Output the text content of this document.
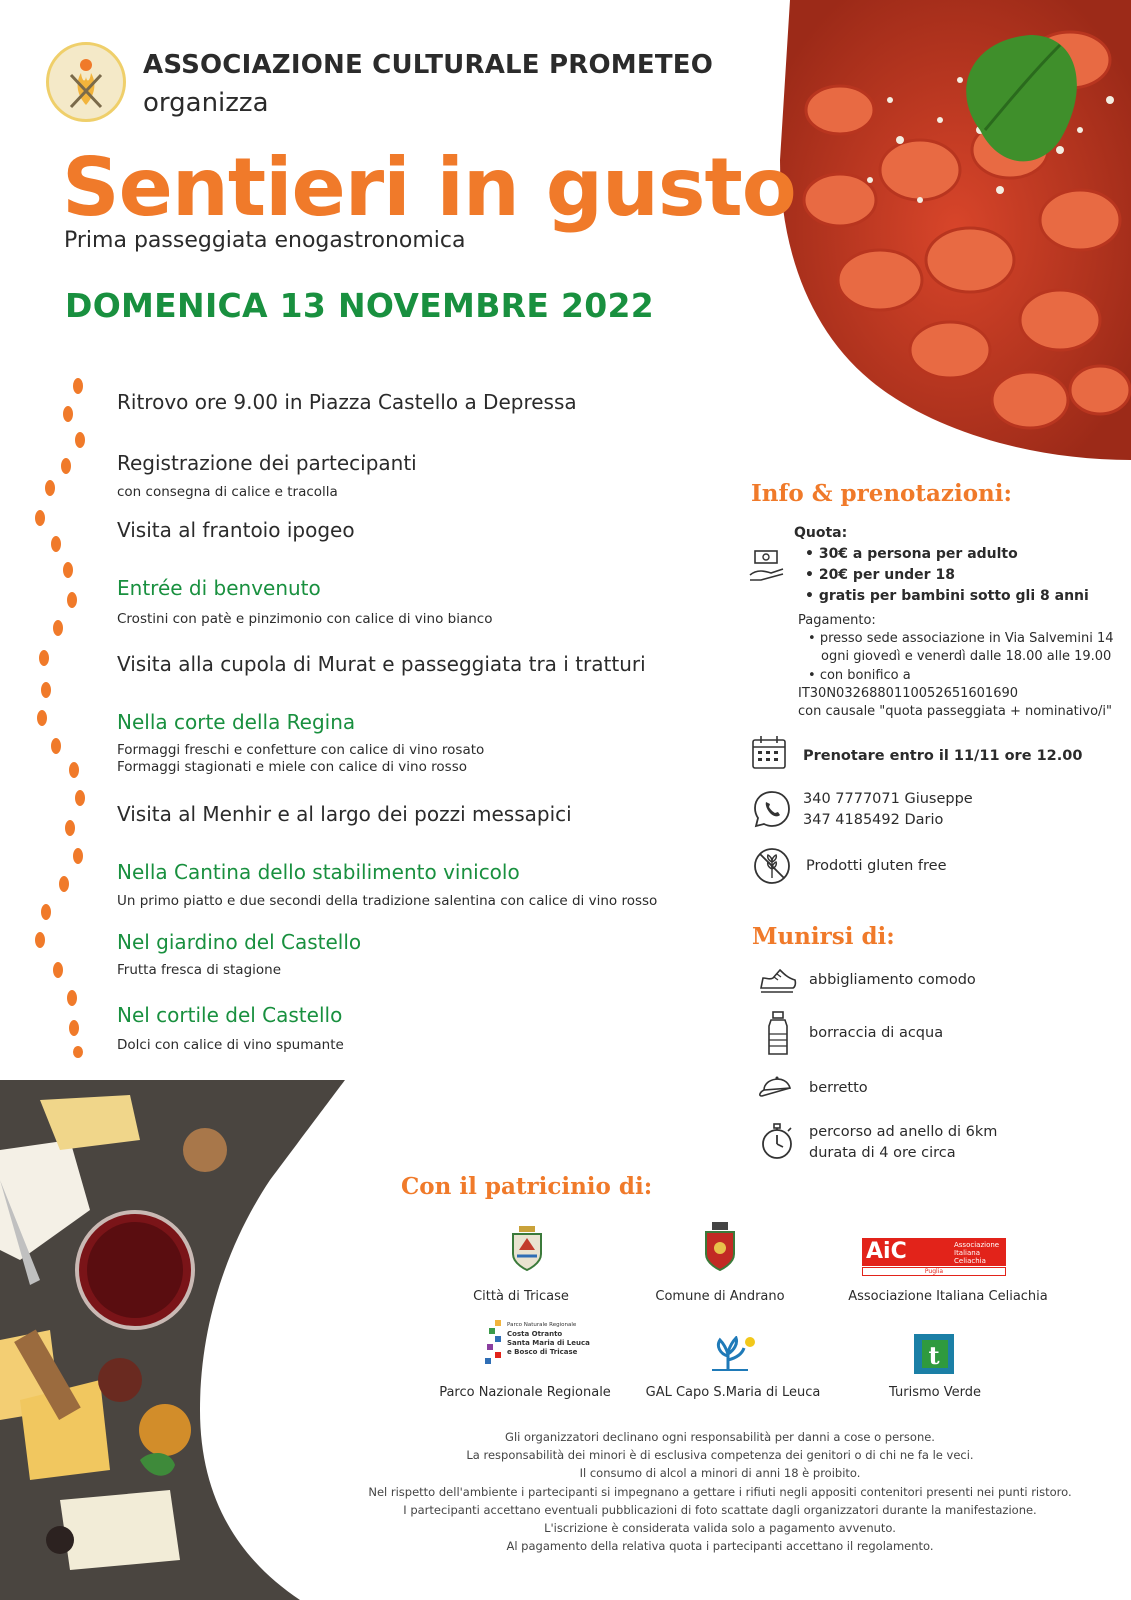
ASSOCIAZIONE CULTURALE PROMETEO
organizza
Sentieri in gusto
Prima passeggiata enogastronomica
DOMENICA 13 NOVEMBRE 2022
Ritrovo ore 9.00 in Piazza Castello a Depressa
Registrazione dei partecipanti
con consegna di calice e tracolla
Visita al frantoio ipogeo
Entrée di benvenuto
Crostini con patè e pinzimonio con calice di vino bianco
Visita alla cupola di Murat e passeggiata tra i tratturi
Nella corte della Regina
Formaggi freschi e confetture con calice di vino rosato
Formaggi stagionati e miele con calice di vino rosso
Visita al Menhir e al largo dei pozzi messapici
Nella Cantina dello stabilimento vinicolo
Un primo piatto e due secondi della tradizione salentina con calice di vino rosso
Nel giardino del Castello
Frutta fresca di stagione
Nel cortile del Castello
Dolci con calice di vino spumante
Info & prenotazioni:
Quota:
• 30€ a persona per adulto
• 20€ per under 18
• gratis per bambini sotto gli 8 anni
Pagamento:
• presso sede associazione in Via Salvemini 14
ogni giovedì e venerdì dalle 18.00 alle 19.00
• con bonifico a
IT30N0326880110052651601690
con causale "quota passeggiata + nominativo/i"
Prenotare entro il 11/11 ore 12.00
340 7777071 Giuseppe
347 4185492 Dario
Prodotti gluten free
Munirsi di:
abbigliamento comodo
borraccia di acqua
berretto
percorso ad anello di 6km
durata di 4 ore circa
Con il patricinio di:
Città di Tricase	Comune di Andrano
AiC	Associazione
Italiana
Celiachia
Puglia
Associazione Italiana Celiachia
Parco Naturale Regionale
Costa Otranto
Santa Maria di Leuca
e Bosco di Tricase
Parco Nazionale Regionale	GAL Capo S.Maria di Leuca
t
Turismo Verde
Gli organizzatori declinano ogni responsabilità per danni a cose o persone.
La responsabilità dei minori è di esclusiva competenza dei genitori o di chi ne fa le veci.
Il consumo di alcol a minori di anni 18 è proibito.
Nel rispetto dell'ambiente i partecipanti si impegnano a gettare i rifiuti negli appositi contenitori presenti nei punti ristoro.
I partecipanti accettano eventuali pubblicazioni di foto scattate dagli organizzatori durante la manifestazione.
L'iscrizione è considerata valida solo a pagamento avvenuto.
Al pagamento della relativa quota i partecipanti accettano il regolamento.
